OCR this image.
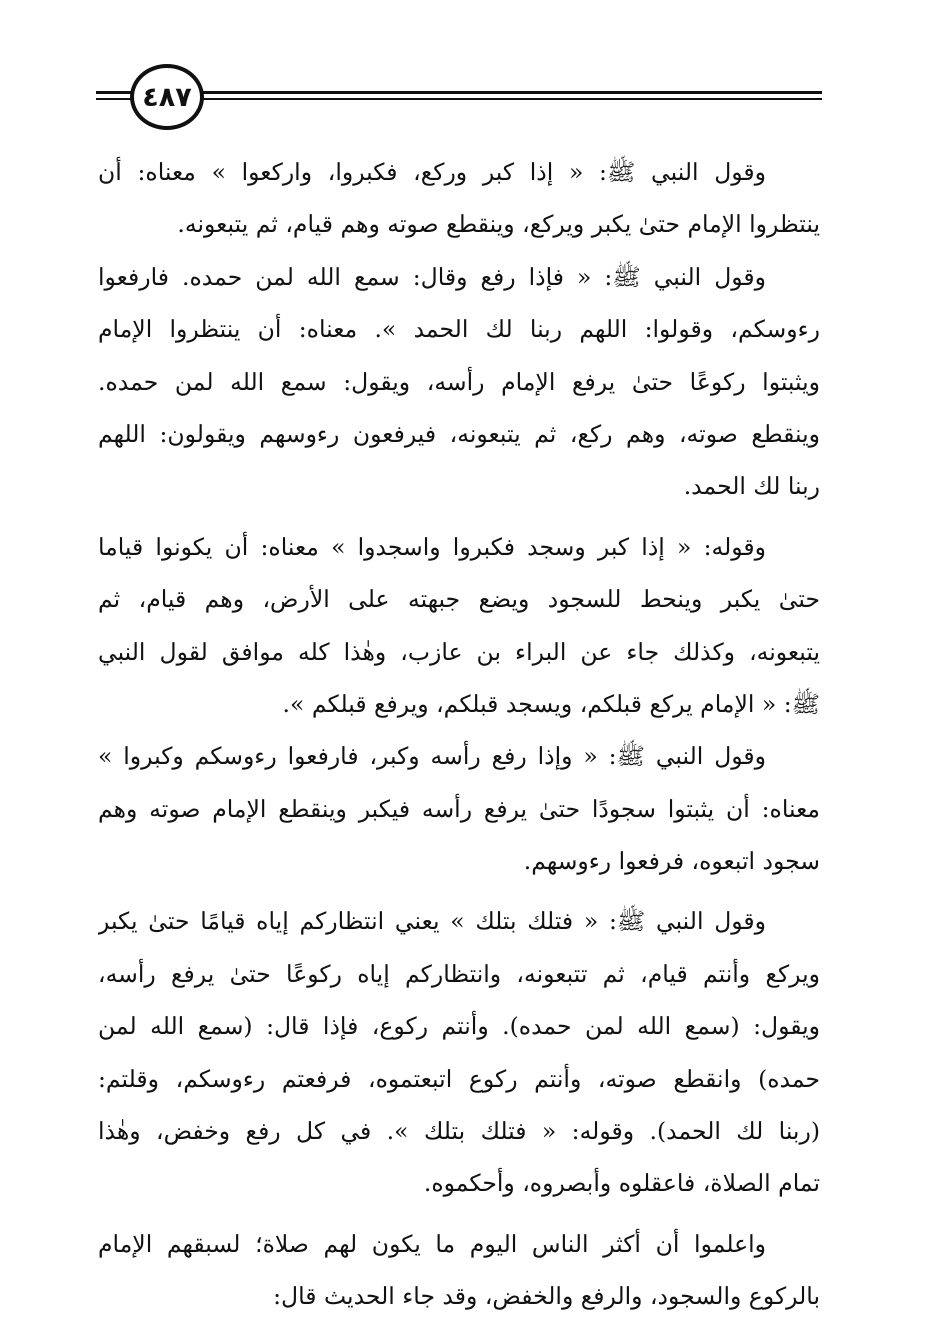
٤٨٧

وقول النبي ﷺ: « إذا كبر وركع، فكبروا، واركعوا » معناه: أن
ينتظروا الإمام حتىٰ يكبر ويركع، وينقطع صوته وهم قيام، ثم يتبعونه.

وقول النبي ﷺ: « فإذا رفع وقال: سمع الله لمن حمده. فارفعوا
رءوسكم، وقولوا: اللهم ربنا لك الحمد ». معناه: أن ينتظروا الإمام
ويثبتوا ركوعًا حتىٰ يرفع الإمام رأسه، ويقول: سمع الله لمن حمده.
وينقطع صوته، وهم ركع، ثم يتبعونه، فيرفعون رءوسهم ويقولون: اللهم
ربنا لك الحمد.

وقوله: « إذا كبر وسجد فكبروا واسجدوا » معناه: أن يكونوا قياما
حتىٰ يكبر وينحط للسجود ويضع جبهته على الأرض، وهم قيام، ثم
يتبعونه، وكذلك جاء عن البراء بن عازب، وهٰذا كله موافق لقول النبي
ﷺ: « الإمام يركع قبلكم، ويسجد قبلكم، ويرفع قبلكم ».

وقول النبي ﷺ: « وإذا رفع رأسه وكبر، فارفعوا رءوسكم وكبروا »
معناه: أن يثبتوا سجودًا حتىٰ يرفع رأسه فيكبر وينقطع الإمام صوته وهم
سجود اتبعوه، فرفعوا رءوسهم.

وقول النبي ﷺ: « فتلك بتلك » يعني انتظاركم إياه قيامًا حتىٰ يكبر
ويركع وأنتم قيام، ثم تتبعونه، وانتظاركم إياه ركوعًا حتىٰ يرفع رأسه،
ويقول: (سمع الله لمن حمده). وأنتم ركوع، فإذا قال: (سمع الله لمن
حمده) وانقطع صوته، وأنتم ركوع اتبعتموه، فرفعتم رءوسكم، وقلتم:
(ربنا لك الحمد). وقوله: « فتلك بتلك ». في كل رفع وخفض، وهٰذا
تمام الصلاة، فاعقلوه وأبصروه، وأحكموه.

واعلموا أن أكثر الناس اليوم ما يكون لهم صلاة؛ لسبقهم الإمام
بالركوع والسجود، والرفع والخفض، وقد جاء الحديث قال:
